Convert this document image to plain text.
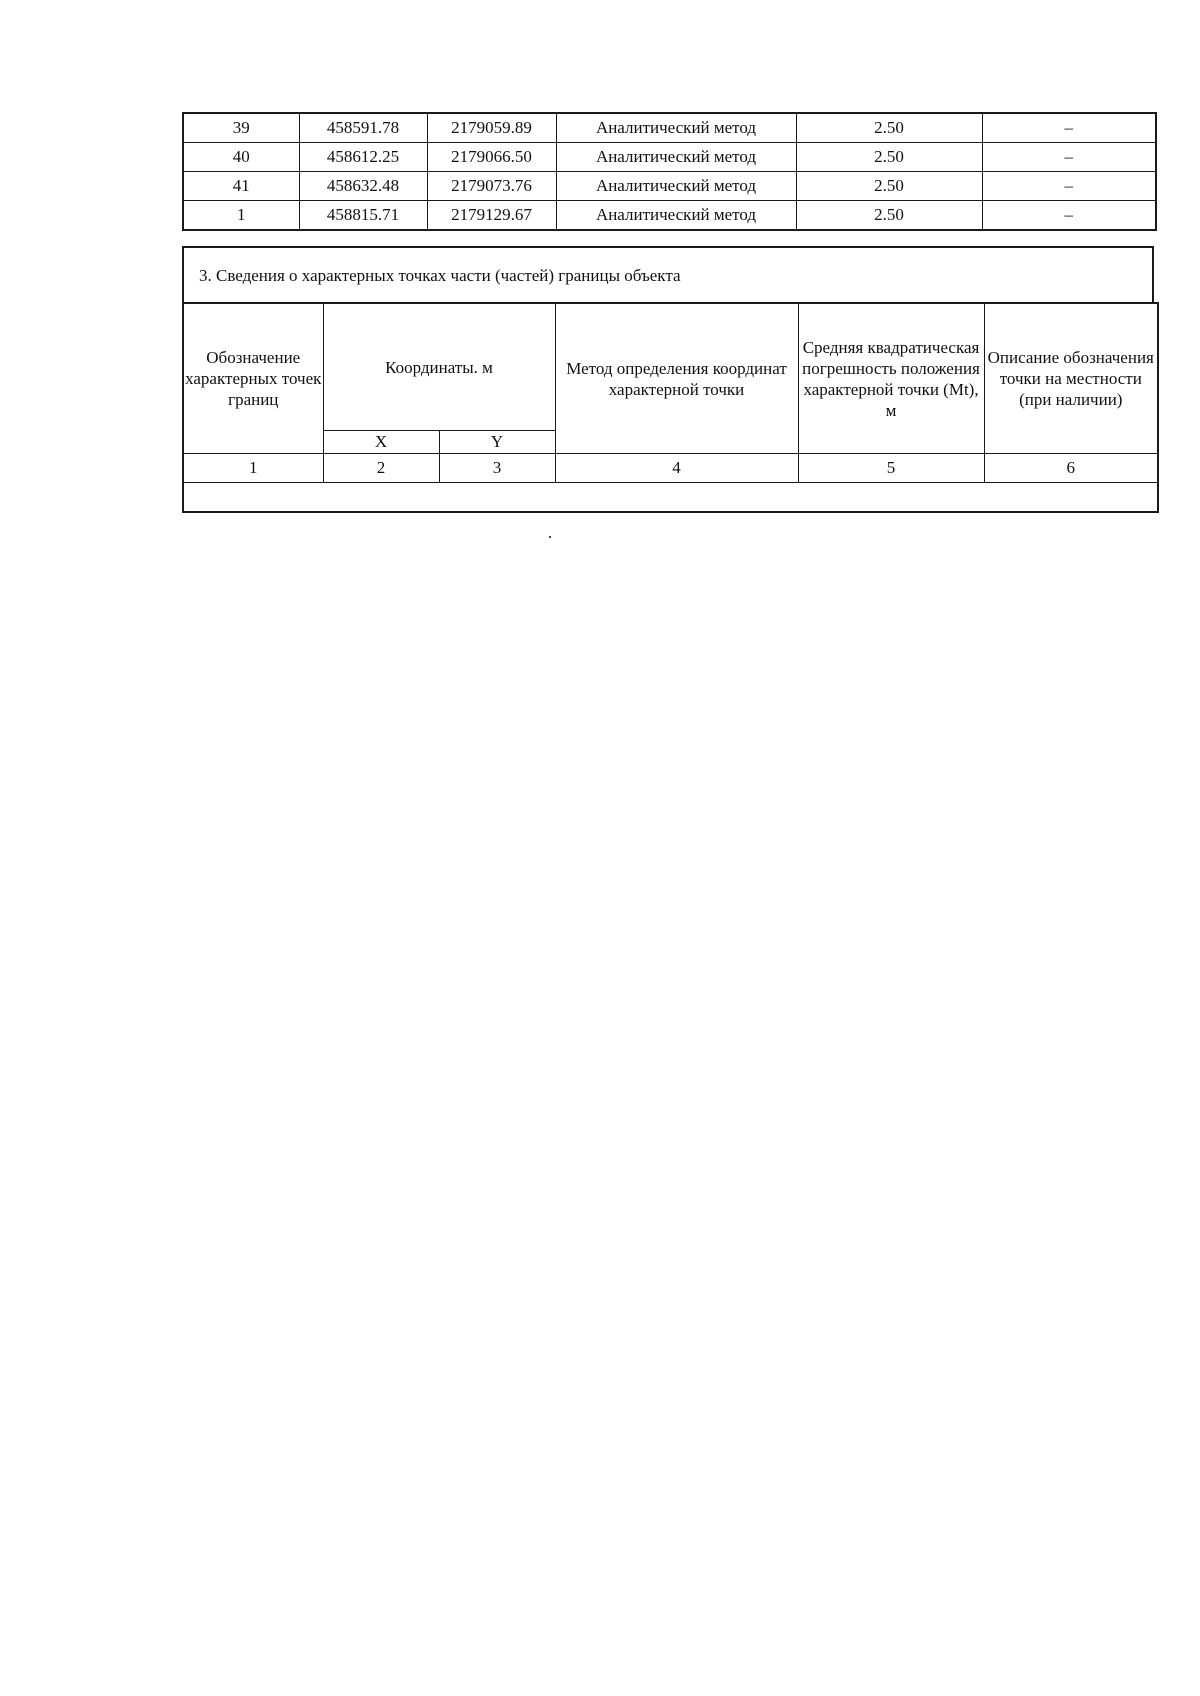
39	458591.78	2179059.89	Аналитический метод	2.50	–
40	458612.25	2179066.50	Аналитический метод	2.50	–
41	458632.48	2179073.76	Аналитический метод	2.50	–
1	458815.71	2179129.67	Аналитический метод	2.50	–
3. Сведения о характерных точках части (частей) границы объекта
Обозначение характерных точек границ	Координаты. м		Метод определения координат характерной точки	Средняя квадратическая погрешность положения характерной точки (Mt), м	Описание обозначения точки на местности (при наличии)
	X	Y			
1	2	3	4	5	6
